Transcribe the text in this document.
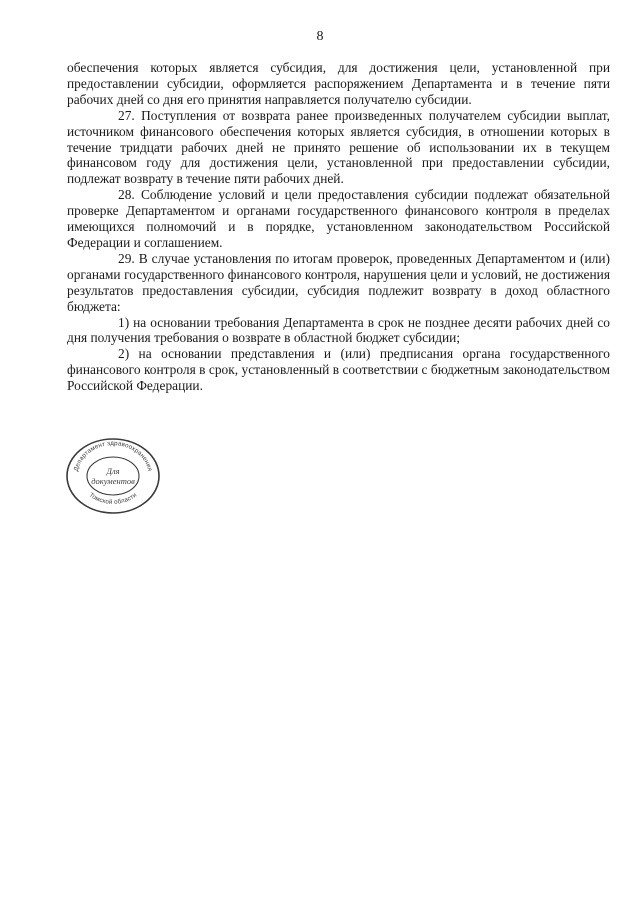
8

обеспечения которых является субсидия, для достижения цели, установленной при предоставлении субсидии, оформляется распоряжением Департамента и в течение пяти рабочих дней со дня его принятия направляется получателю субсидии.

27. Поступления от возврата ранее произведенных получателем субсидии выплат, источником финансового обеспечения которых является субсидия, в отношении которых в течение тридцати рабочих дней не принято решение об использовании их в текущем финансовом году для достижения цели, установленной при предоставлении субсидии, подлежат возврату в течение пяти рабочих дней.

28. Соблюдение условий и цели предоставления субсидии подлежат обязательной проверке Департаментом и органами государственного финансового контроля в пределах имеющихся полномочий и в порядке, установленном законодательством Российской Федерации и соглашением.

29. В случае установления по итогам проверок, проведенных Департаментом и (или) органами государственного финансового контроля, нарушения цели и условий, не достижения результатов предоставления субсидии, субсидия подлежит возврату в доход областного бюджета:

1) на основании требования Департамента в срок не позднее десяти рабочих дней со дня получения требования о возврате в областной бюджет субсидии;

2) на основании представления и (или) предписания органа государственного финансового контроля в срок, установленный в соответствии с бюджетным законодательством Российской Федерации.

Департамент здравоохранения
Томской области
Для
документов
